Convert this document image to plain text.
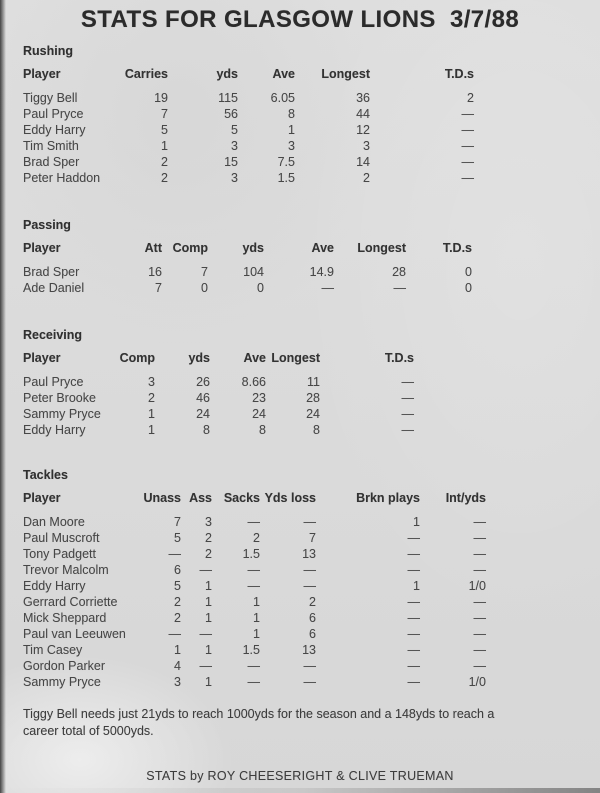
STATS FOR GLASGOW LIONS  3/7/88
Rushing
Player	Carries	yds	Ave	Longest	T.D.s
Tiggy Bell	19	115	6.05	36	2
Paul Pryce	7	56	8	44	—
Eddy Harry	5	5	1	12	—
Tim Smith	1	3	3	3	—
Brad Sper	2	15	7.5	14	—
Peter Haddon	2	3	1.5	2	—
Passing
Player	Att	Comp	yds	Ave	Longest	T.D.s
Brad Sper	16	7	104	14.9	28	0
Ade Daniel	7	0	0	—	—	0
Receiving
Player	Comp	yds	Ave	Longest	T.D.s
Paul Pryce	3	26	8.66	11	—
Peter Brooke	2	46	23	28	—
Sammy Pryce	1	24	24	24	—
Eddy Harry	1	8	8	8	—
Tackles
Player	Unass	Ass	Sacks	Yds loss	Brkn plays	Int/yds
Dan Moore	7	3	—	—	1	—
Paul Muscroft	5	2	2	7	—	—
Tony Padgett	—	2	1.5	13	—	—
Trevor Malcolm	6	—	—	—	—	—
Eddy Harry	5	1	—	—	1	1/0
Gerrard Corriette	2	1	1	2	—	—
Mick Sheppard	2	1	1	6	—	—
Paul van Leeuwen	—	—	1	6	—	—
Tim Casey	1	1	1.5	13	—	—
Gordon Parker	4	—	—	—	—	—
Sammy Pryce	3	1	—	—	—	1/0
Tiggy Bell needs just 21yds to reach 1000yds for the season and a 148yds to reach a
career total of 5000yds.
STATS by ROY CHEESERIGHT & CLIVE TRUEMAN
